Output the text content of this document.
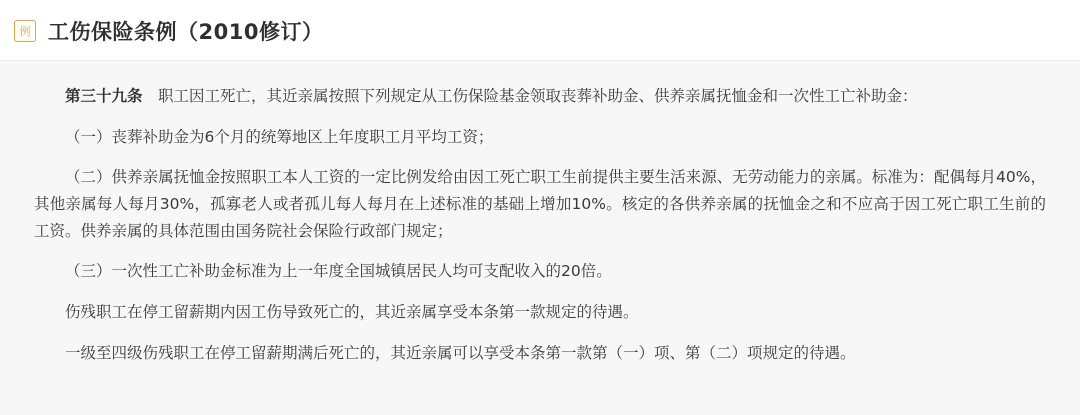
例 工伤保险条例（2010修订）

第三十九条　职工因工死亡，其近亲属按照下列规定从工伤保险基金领取丧葬补助金、供养亲属抚恤金和一次性工亡补助金：

（一）丧葬补助金为6个月的统筹地区上年度职工月平均工资；

（二）供养亲属抚恤金按照职工本人工资的一定比例发给由因工死亡职工生前提供主要生活来源、无劳动能力的亲属。标准为：配偶每月40%，其他亲属每人每月30%，孤寡老人或者孤儿每人每月在上述标准的基础上增加10%。核定的各供养亲属的抚恤金之和不应高于因工死亡职工生前的工资。供养亲属的具体范围由国务院社会保险行政部门规定；

（三）一次性工亡补助金标准为上一年度全国城镇居民人均可支配收入的20倍。

伤残职工在停工留薪期内因工伤导致死亡的，其近亲属享受本条第一款规定的待遇。

一级至四级伤残职工在停工留薪期满后死亡的，其近亲属可以享受本条第一款第（一）项、第（二）项规定的待遇。
